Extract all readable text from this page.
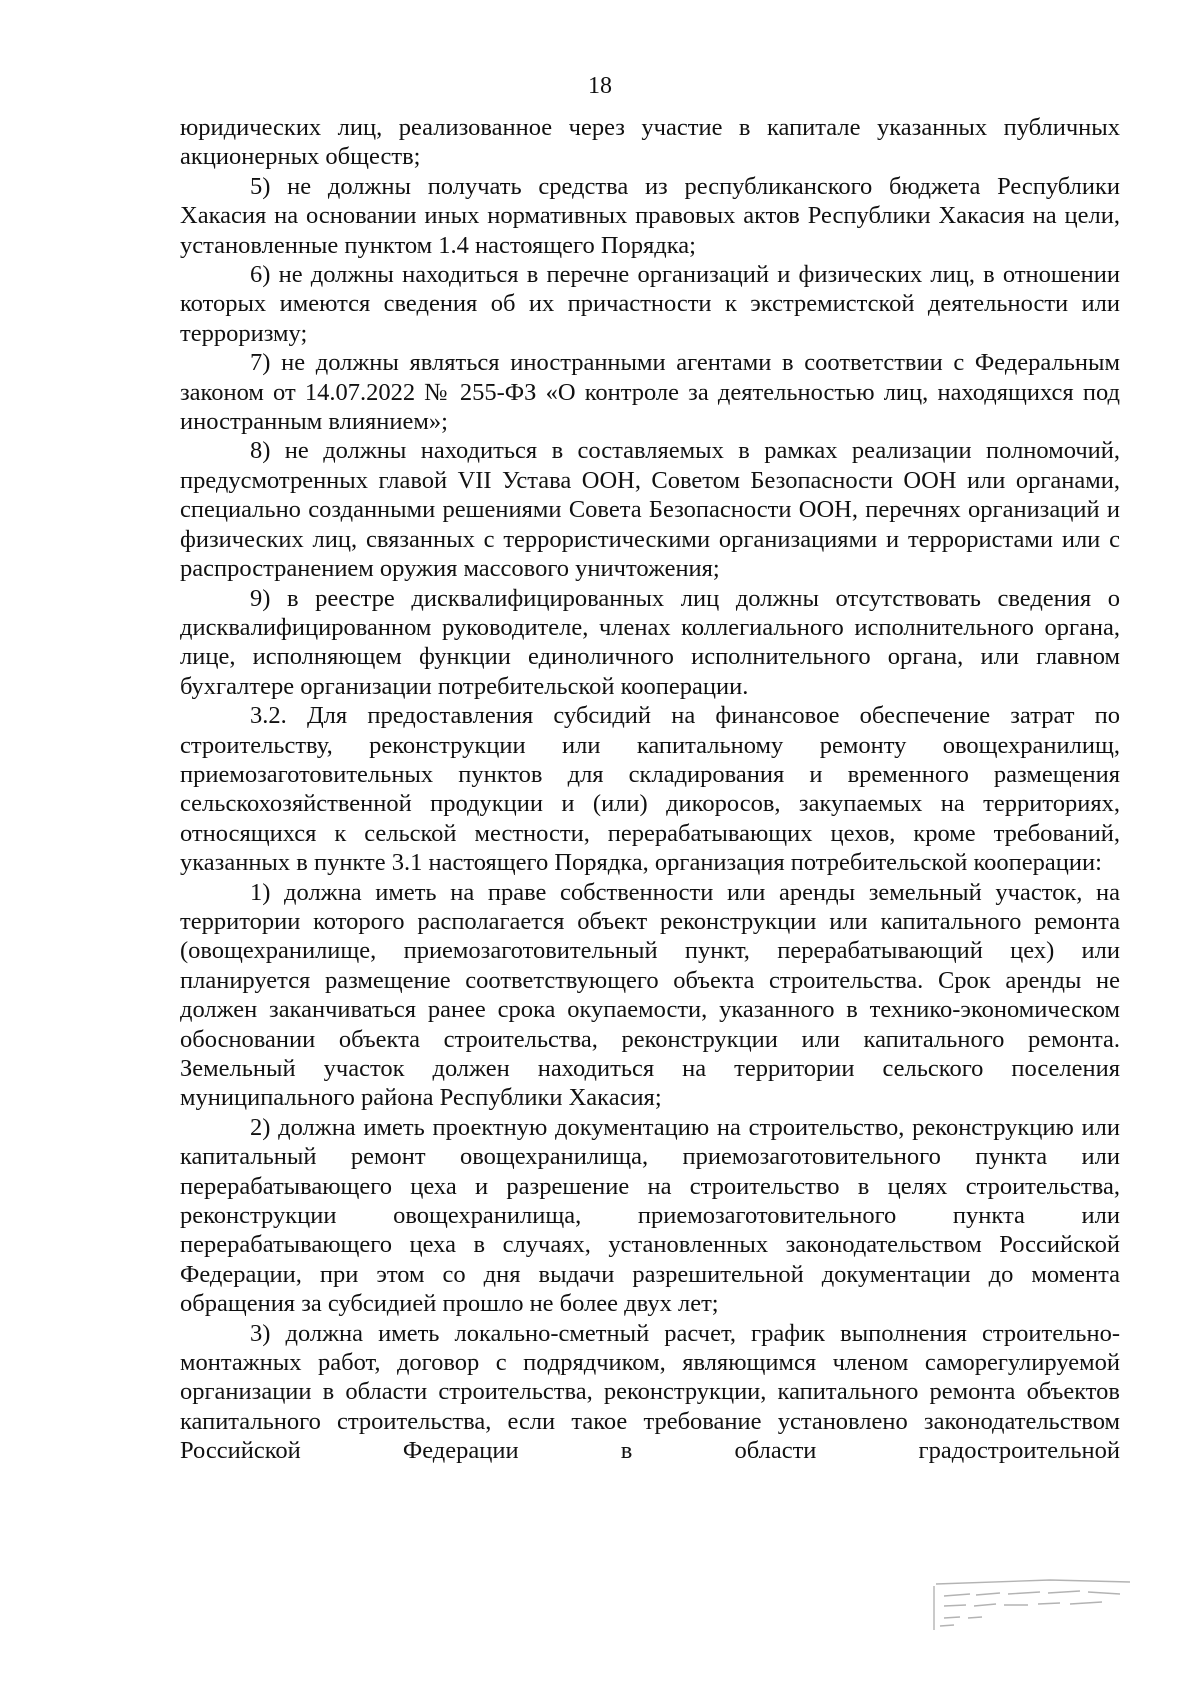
18

юридических лиц, реализованное через участие в капитале указанных публичных акционерных обществ;

5) не должны получать средства из республиканского бюджета Республики Хакасия на основании иных нормативных правовых актов Республики Хакасия на цели, установленные пунктом 1.4 настоящего Порядка;

6) не должны находиться в перечне организаций и физических лиц, в отношении которых имеются сведения об их причастности к экстремистской деятельности или терроризму;

7) не должны являться иностранными агентами в соответствии с Федеральным законом от 14.07.2022 № 255-ФЗ «О контроле за деятельностью лиц, находящихся под иностранным влиянием»;

8) не должны находиться в составляемых в рамках реализации полномочий, предусмотренных главой VII Устава ООН, Советом Безопасности ООН или органами, специально созданными решениями Совета Безопасности ООН, перечнях организаций и физических лиц, связанных с террористическими организациями и террористами или с распространением оружия массового уничтожения;

9) в реестре дисквалифицированных лиц должны отсутствовать сведения о дисквалифицированном руководителе, членах коллегиального исполнительного органа, лице, исполняющем функции единоличного исполнительного органа, или главном бухгалтере организации потребительской кооперации.

3.2. Для предоставления субсидий на финансовое обеспечение затрат по строительству, реконструкции или капитальному ремонту овощехранилищ, приемозаготовительных пунктов для складирования и временного размещения сельскохозяйственной продукции и (или) дикоросов, закупаемых на территориях, относящихся к сельской местности, перерабатывающих цехов, кроме требований, указанных в пункте 3.1 настоящего Порядка, организация потребительской кооперации:

1) должна иметь на праве собственности или аренды земельный участок, на территории которого располагается объект реконструкции или капитального ремонта (овощехранилище, приемозаготовительный пункт, перерабатывающий цех) или планируется размещение соответствующего объекта строительства. Срок аренды не должен заканчиваться ранее срока окупаемости, указанного в технико-экономическом обосновании объекта строительства, реконструкции или капитального ремонта. Земельный участок должен находиться на территории сельского поселения муниципального района Республики Хакасия;

2) должна иметь проектную документацию на строительство, реконструкцию или капитальный ремонт овощехранилища, приемозаготовительного пункта или перерабатывающего цеха и разрешение на строительство в целях строительства, реконструкции овощехранилища, приемозаготовительного пункта или перерабатывающего цеха в случаях, установленных законодательством Российской Федерации, при этом со дня выдачи разрешительной документации до момента обращения за субсидией прошло не более двух лет;

3) должна иметь локально-сметный расчет, график выполнения строительно-монтажных работ, договор с подрядчиком, являющимся членом саморегулируемой организации в области строительства, реконструкции, капитального ремонта объектов капитального строительства, если такое требование установлено законодательством Российской Федерации в области градостроительной
